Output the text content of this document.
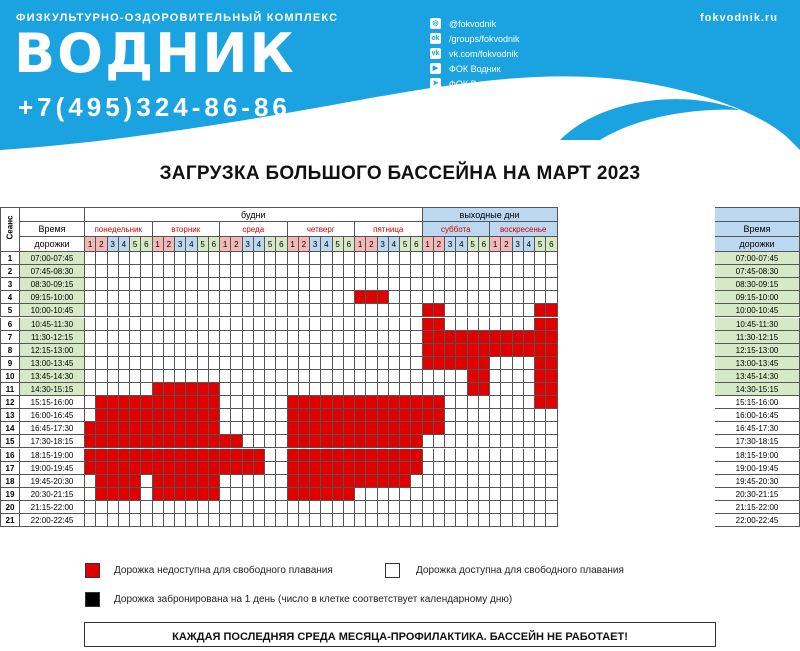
ФИЗКУЛЬТУРНО-ОЗДОРОВИТЕЛЬНЫЙ КОМПЛЕКС
ВОДНИК
+7(495)324-86-86
fokvodnik.ru
◎ @fokvodnik
ok /groups/fokvodnik
vk vk.com/fokvodnik
▶	ФОК Водник
➤ ФОК Водник
ЗАГРУЗКА БОЛЬШОГО БАССЕЙНА НА МАРТ 2023
Сеанс	Время
дорожки
будни	выходные дни
Время
дорожки
понедельник
1 2 3 4 5 6
вторник
1 2 3 4 5 6
среда
1 2 3 4 5 6
четверг
1 2 3 4 5 6
пятница
1 2 3 4 5 6
суббота
1 2 3 4 5 6
воскресенье
1 2 3 4 5 6
1	07:00-07:45	07:00-07:45
2	07:45-08:30	07:45-08:30
3	08:30-09:15	08:30-09:15
4	09:15-10:00	09:15-10:00
5	10:00-10:45	10:00-10:45
6	10:45-11:30	10:45-11:30
7	11:30-12:15	11:30-12:15
8	12:15-13:00	12:15-13:00
9	13:00-13:45	13:00-13:45
10	13:45-14:30	13:45-14:30
11	14:30-15:15	14:30-15:15
12	15:15-16:00	15:15-16:00
13	16:00-16:45	16:00-16:45
14	16:45-17:30	16:45-17:30
15	17:30-18:15	17:30-18:15
16	18:15-19:00	18:15-19:00
17	19:00-19:45	19:00-19:45
18	19:45-20:30	19:45-20:30
19	20:30-21:15	20:30-21:15
20	21:15-22:00	21:15-22:00
21	22:00-22:45	22:00-22:45
Дорожка недоступна для свободного плавания	Дорожка доступна для свободного плавания
Дорожка забронирована на 1 день (число в клетке соответствует календарному дню)
КАЖДАЯ ПОСЛЕДНЯЯ СРЕДА МЕСЯЦА-ПРОФИЛАКТИКА. БАССЕЙН НЕ РАБОТАЕТ!
